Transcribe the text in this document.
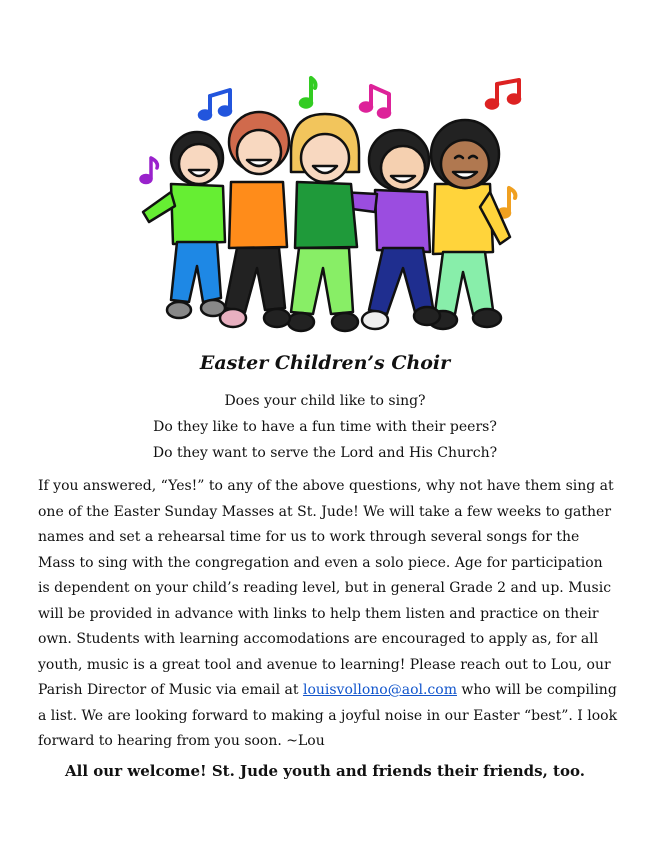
Easter Children’s Choir

Does your child like to sing?

Do they like to have a fun time with their peers?

Do they want to serve the Lord and His Church?

If you answered, “Yes!” to any of the above questions, why not have them sing at one of the Easter Sunday Masses at St. Jude! We will take a few weeks to gather names and set a rehearsal time for us to work through several songs for the Mass to sing with the congregation and even a solo piece. Age for participation is dependent on your child’s reading level, but in general Grade 2 and up. Music will be provided in advance with links to help them listen and practice on their own. Students with learning accomodations are encouraged to apply as, for all youth, music is a great tool and avenue to learning! Please reach out to Lou, our Parish Director of Music via email at louisvollono@aol.com who will be compiling a list. We are looking forward to making a joyful noise in our Easter “best”. I look forward to hearing from you soon. ~Lou

All our welcome! St. Jude youth and friends their friends, too.
